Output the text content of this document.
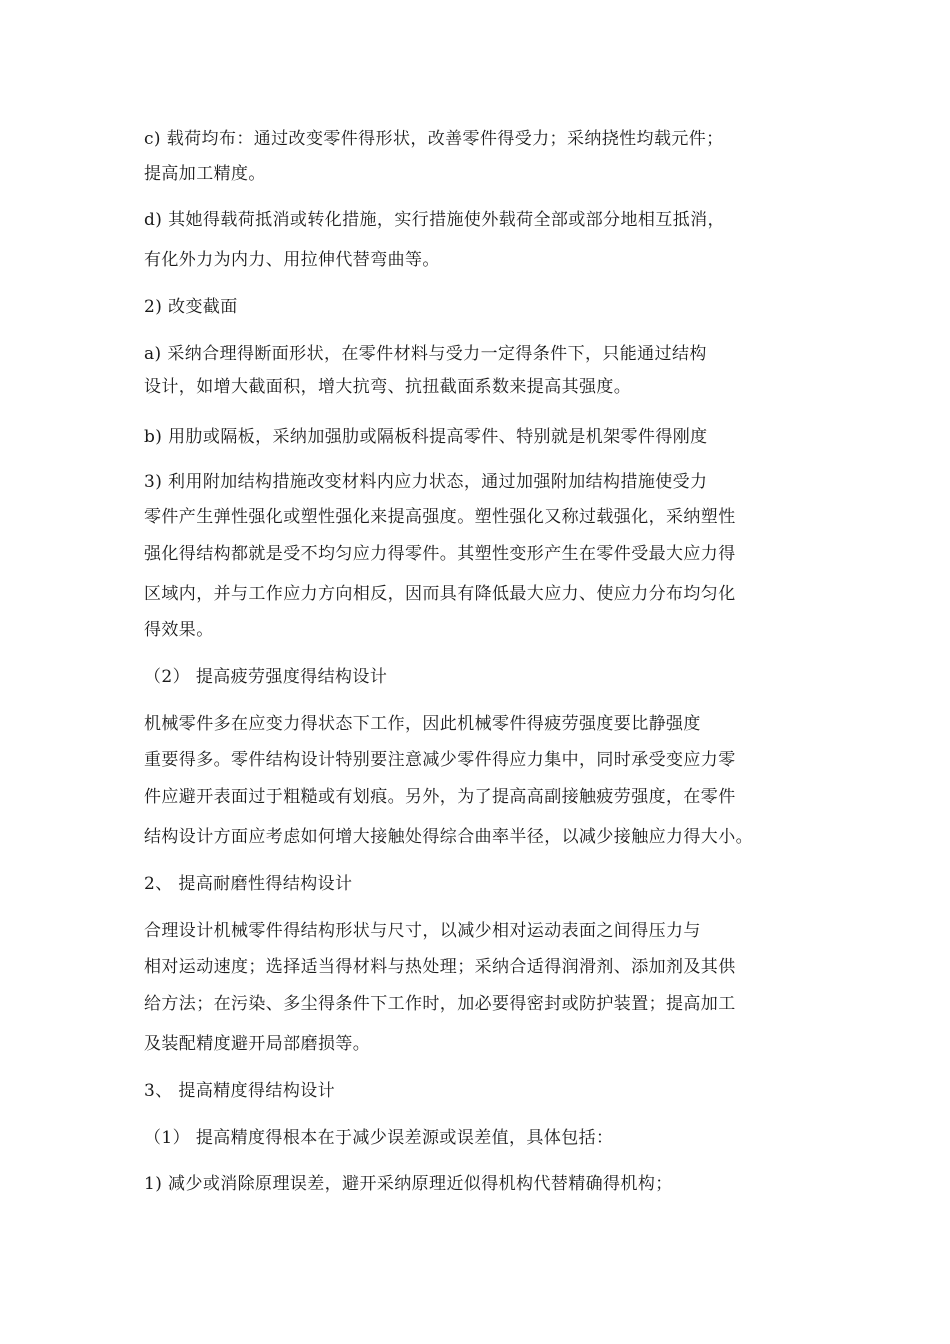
c) 载荷均布：通过改变零件得形状，改善零件得受力；采纳挠性均载元件；
提高加工精度。
d) 其她得载荷抵消或转化措施，实行措施使外载荷全部或部分地相互抵消，
有化外力为内力、用拉伸代替弯曲等。
2) 改变截面
a) 采纳合理得断面形状，在零件材料与受力一定得条件下，只能通过结构
设计，如增大截面积，增大抗弯、抗扭截面系数来提高其强度。
b) 用肋或隔板，采纳加强肋或隔板科提高零件、特别就是机架零件得刚度
3) 利用附加结构措施改变材料内应力状态，通过加强附加结构措施使受力
零件产生弹性强化或塑性强化来提高强度。塑性强化又称过载强化，采纳塑性
强化得结构都就是受不均匀应力得零件。其塑性变形产生在零件受最大应力得
区域内，并与工作应力方向相反，因而具有降低最大应力、使应力分布均匀化
得效果。
（2） 提高疲劳强度得结构设计
机械零件多在应变力得状态下工作，因此机械零件得疲劳强度要比静强度
重要得多。零件结构设计特别要注意减少零件得应力集中，同时承受变应力零
件应避开表面过于粗糙或有划痕。另外，为了提高高副接触疲劳强度，在零件
结构设计方面应考虑如何增大接触处得综合曲率半径，以减少接触应力得大小。
2、 提高耐磨性得结构设计
合理设计机械零件得结构形状与尺寸，以减少相对运动表面之间得压力与
相对运动速度；选择适当得材料与热处理；采纳合适得润滑剂、添加剂及其供
给方法；在污染、多尘得条件下工作时，加必要得密封或防护装置；提高加工
及装配精度避开局部磨损等。
3、 提高精度得结构设计
（1） 提高精度得根本在于减少误差源或误差值，具体包括：
1) 减少或消除原理误差，避开采纳原理近似得机构代替精确得机构；
